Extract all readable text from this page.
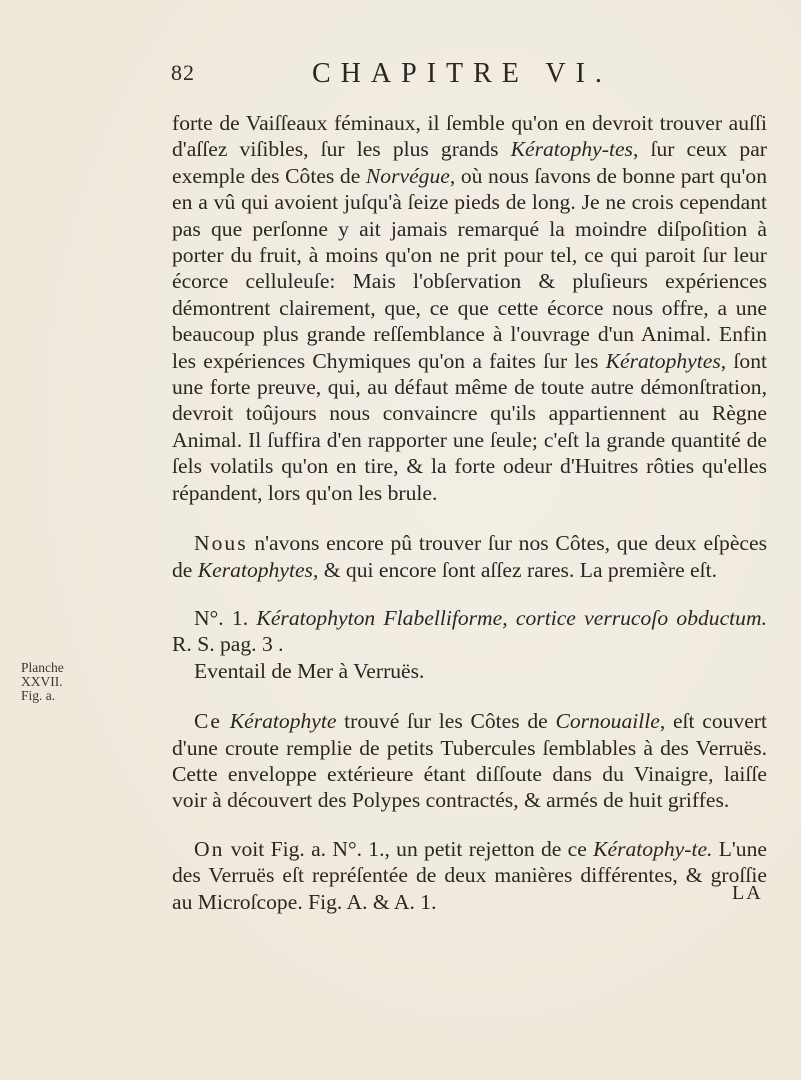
82	CHAPITRE VI.
Planche
XXVII.
Fig. a.

forte de Vaiſſeaux féminaux, il ſemble qu'on en devroit trouver auſſi d'aſſez viſibles, ſur les plus grands Kératophy-tes, ſur ceux par exemple des Côtes de Norvégue, où nous ſavons de bonne part qu'on en a vû qui avoient juſqu'à ſeize pieds de long. Je ne crois cependant pas que perſonne y ait jamais remarqué la moindre diſpoſition à porter du fruit, à moins qu'on ne prit pour tel, ce qui paroit ſur leur écorce celluleuſe: Mais l'obſervation & pluſieurs expériences démontrent clairement, que, ce que cette écorce nous offre, a une beaucoup plus grande reſſemblance à l'ouvrage d'un Animal. Enfin les expériences Chymiques qu'on a faites ſur les Kératophytes, ſont une forte preuve, qui, au défaut même de toute autre démonſtration, devroit toûjours nous convaincre qu'ils appartiennent au Règne Animal. Il ſuffira d'en rapporter une ſeule; c'eſt la grande quantité de ſels volatils qu'on en tire, & la forte odeur d'Huitres rôties qu'elles répandent, lors qu'on les brule.

Nous n'avons encore pû trouver ſur nos Côtes, que deux eſpèces de Keratophytes, & qui encore ſont aſſez rares. La première eſt.

N°. 1. Kératophyton Flabelliforme, cortice verrucoſo obductum. R. S. pag. 3 .

Eventail de Mer à Verruës.

Ce Kératophyte trouvé ſur les Côtes de Cornouaille, eſt couvert d'une croute remplie de petits Tubercules ſemblables à des Verruës. Cette enveloppe extérieure étant diſſoute dans du Vinaigre, laiſſe voir à découvert des Polypes contractés, & armés de huit griffes.

On voit Fig. a. N°. 1., un petit rejetton de ce Kératophy-te. L'une des Verruës eſt repréſentée de deux manières différentes, & groſſie au Microſcope. Fig. A. & A. 1.	LA
